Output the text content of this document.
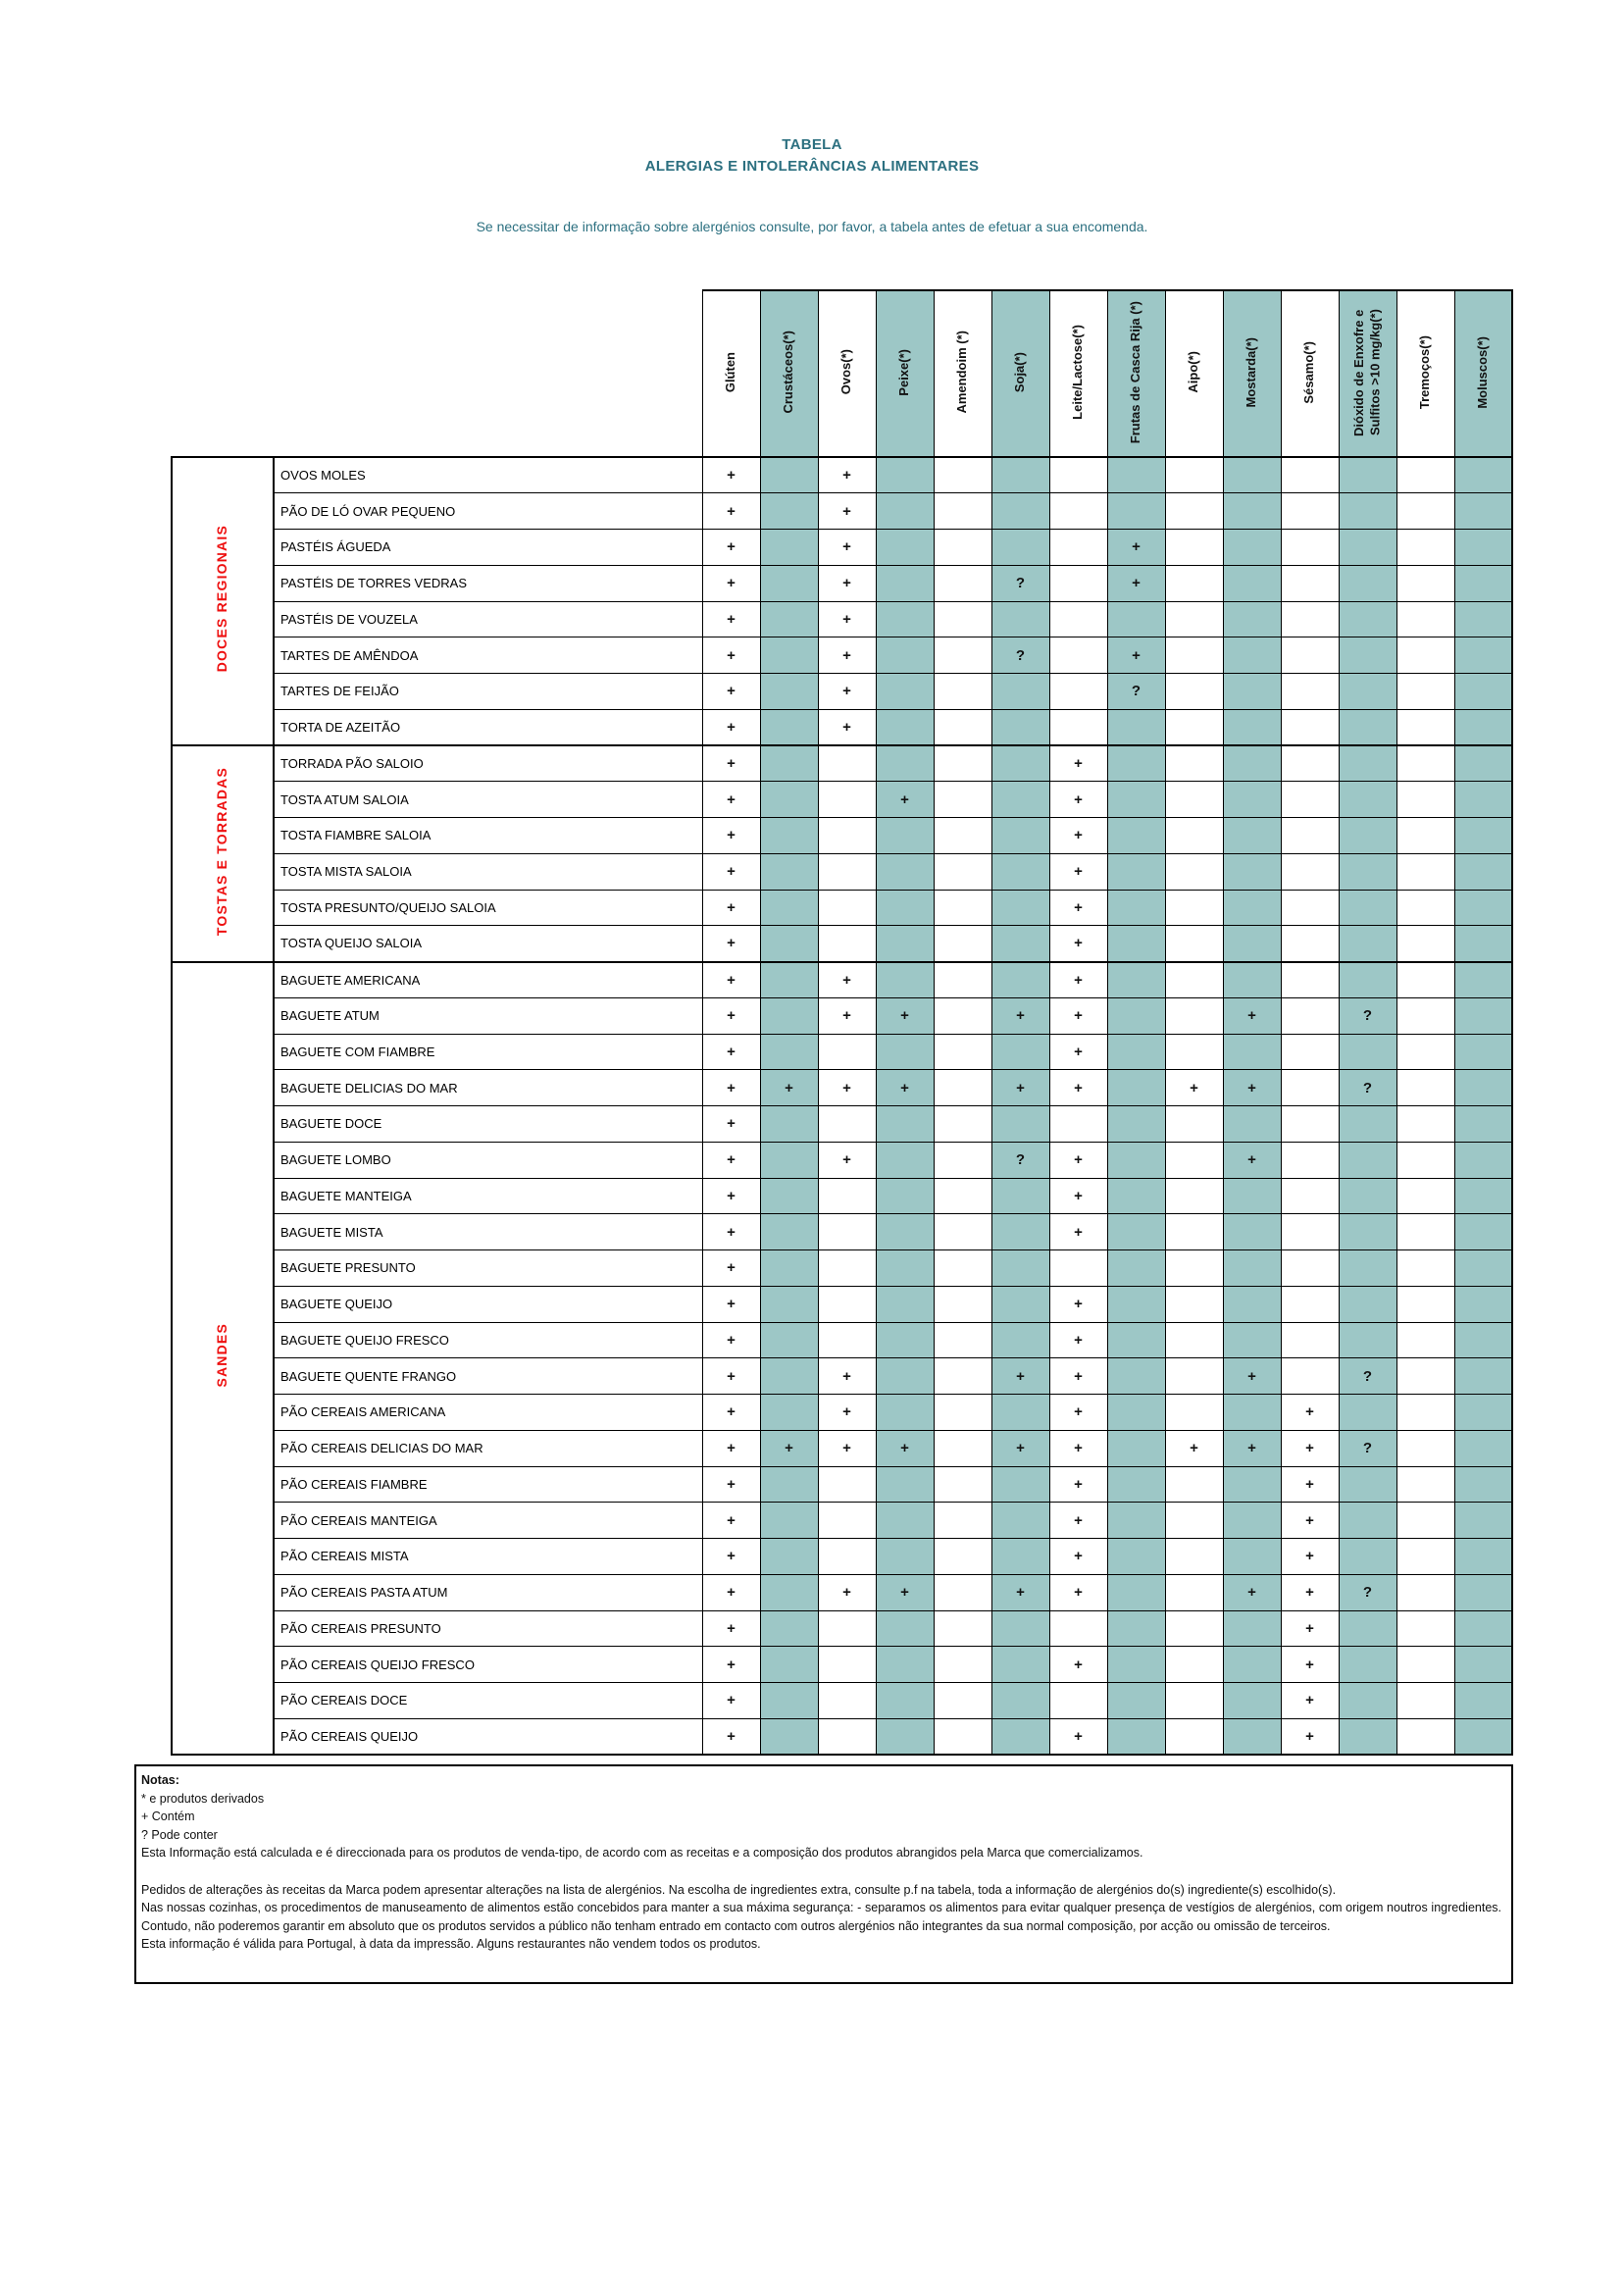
TABELA
ALERGIAS E INTOLERÂNCIAS ALIMENTARES
Se necessitar de informação sobre alergénios consulte, por favor, a tabela antes de efetuar a sua encomenda.
		Glúten	Crustáceos(*)	Ovos(*)	Peixe(*)	Amendoim (*)	Soja(*)	Leite/Lactose(*)	Frutas de Casca Rija (*)	Aipo(*)	Mostarda(*)	Sésamo(*)	Dióxido de Enxofre e Sulfitos >10 mg/kg(*)	Tremoços(*)	Moluscos(*)
DOCES REGIONAIS	OVOS MOLES	+		+											
	PÃO DE LÓ OVAR PEQUENO	+		+											
	PASTÉIS ÁGUEDA	+		+					+						
	PASTÉIS DE TORRES VEDRAS	+		+			?		+						
	PASTÉIS DE VOUZELA	+		+											
	TARTES DE AMÊNDOA	+		+			?		+						
	TARTES DE FEIJÃO	+		+					?						
	TORTA DE AZEITÃO	+		+											
TOSTAS E TORRADAS	TORRADA PÃO SALOIO	+						+							
	TOSTA ATUM SALOIA	+			+			+							
	TOSTA FIAMBRE SALOIA	+						+							
	TOSTA MISTA SALOIA	+						+							
	TOSTA PRESUNTO/QUEIJO SALOIA	+						+							
	TOSTA QUEIJO SALOIA	+						+							
SANDES	BAGUETE AMERICANA	+		+				+							
	BAGUETE ATUM	+		+	+		+	+			+		?		
	BAGUETE COM FIAMBRE	+						+							
	BAGUETE DELICIAS DO MAR	+	+	+	+		+	+		+	+		?		
	BAGUETE DOCE	+													
	BAGUETE LOMBO	+		+			?	+			+				
	BAGUETE MANTEIGA	+						+							
	BAGUETE MISTA	+						+							
	BAGUETE PRESUNTO	+													
	BAGUETE QUEIJO	+						+							
	BAGUETE QUEIJO FRESCO	+						+							
	BAGUETE QUENTE FRANGO	+		+			+	+			+		?		
	PÃO CEREAIS AMERICANA	+		+				+				+			
	PÃO CEREAIS DELICIAS DO MAR	+	+	+	+		+	+		+	+	+	?		
	PÃO CEREAIS FIAMBRE	+						+				+			
	PÃO CEREAIS MANTEIGA	+						+				+			
	PÃO CEREAIS MISTA	+						+				+			
	PÃO CEREAIS PASTA ATUM	+		+	+		+	+			+	+	?		
	PÃO CEREAIS PRESUNTO	+										+			
	PÃO CEREAIS QUEIJO FRESCO	+						+				+			
	PÃO CEREAIS DOCE	+										+			
	PÃO CEREAIS QUEIJO	+						+				+			
Notas:
* e produtos derivados
+ Contém
? Pode conter
Esta Informação está calculada e é direccionada para os produtos de venda-tipo, de acordo com as receitas e a composição dos produtos abrangidos pela Marca que comercializamos.
Pedidos de alterações às receitas da Marca podem apresentar alterações na lista de alergénios. Na escolha de ingredientes extra, consulte p.f na tabela, toda a informação de alergénios do(s) ingrediente(s) escolhido(s).
Nas nossas cozinhas, os procedimentos de manuseamento de alimentos estão concebidos para manter a sua máxima segurança: - separamos os alimentos para evitar qualquer presença de vestígios de alergénios, com origem noutros ingredientes. Contudo, não poderemos garantir em absoluto que os produtos servidos a público não tenham entrado em contacto com outros alergénios não integrantes da sua normal composição, por acção ou omissão de terceiros.
Esta informação é válida para Portugal, à data da impressão. Alguns restaurantes não vendem todos os produtos.
